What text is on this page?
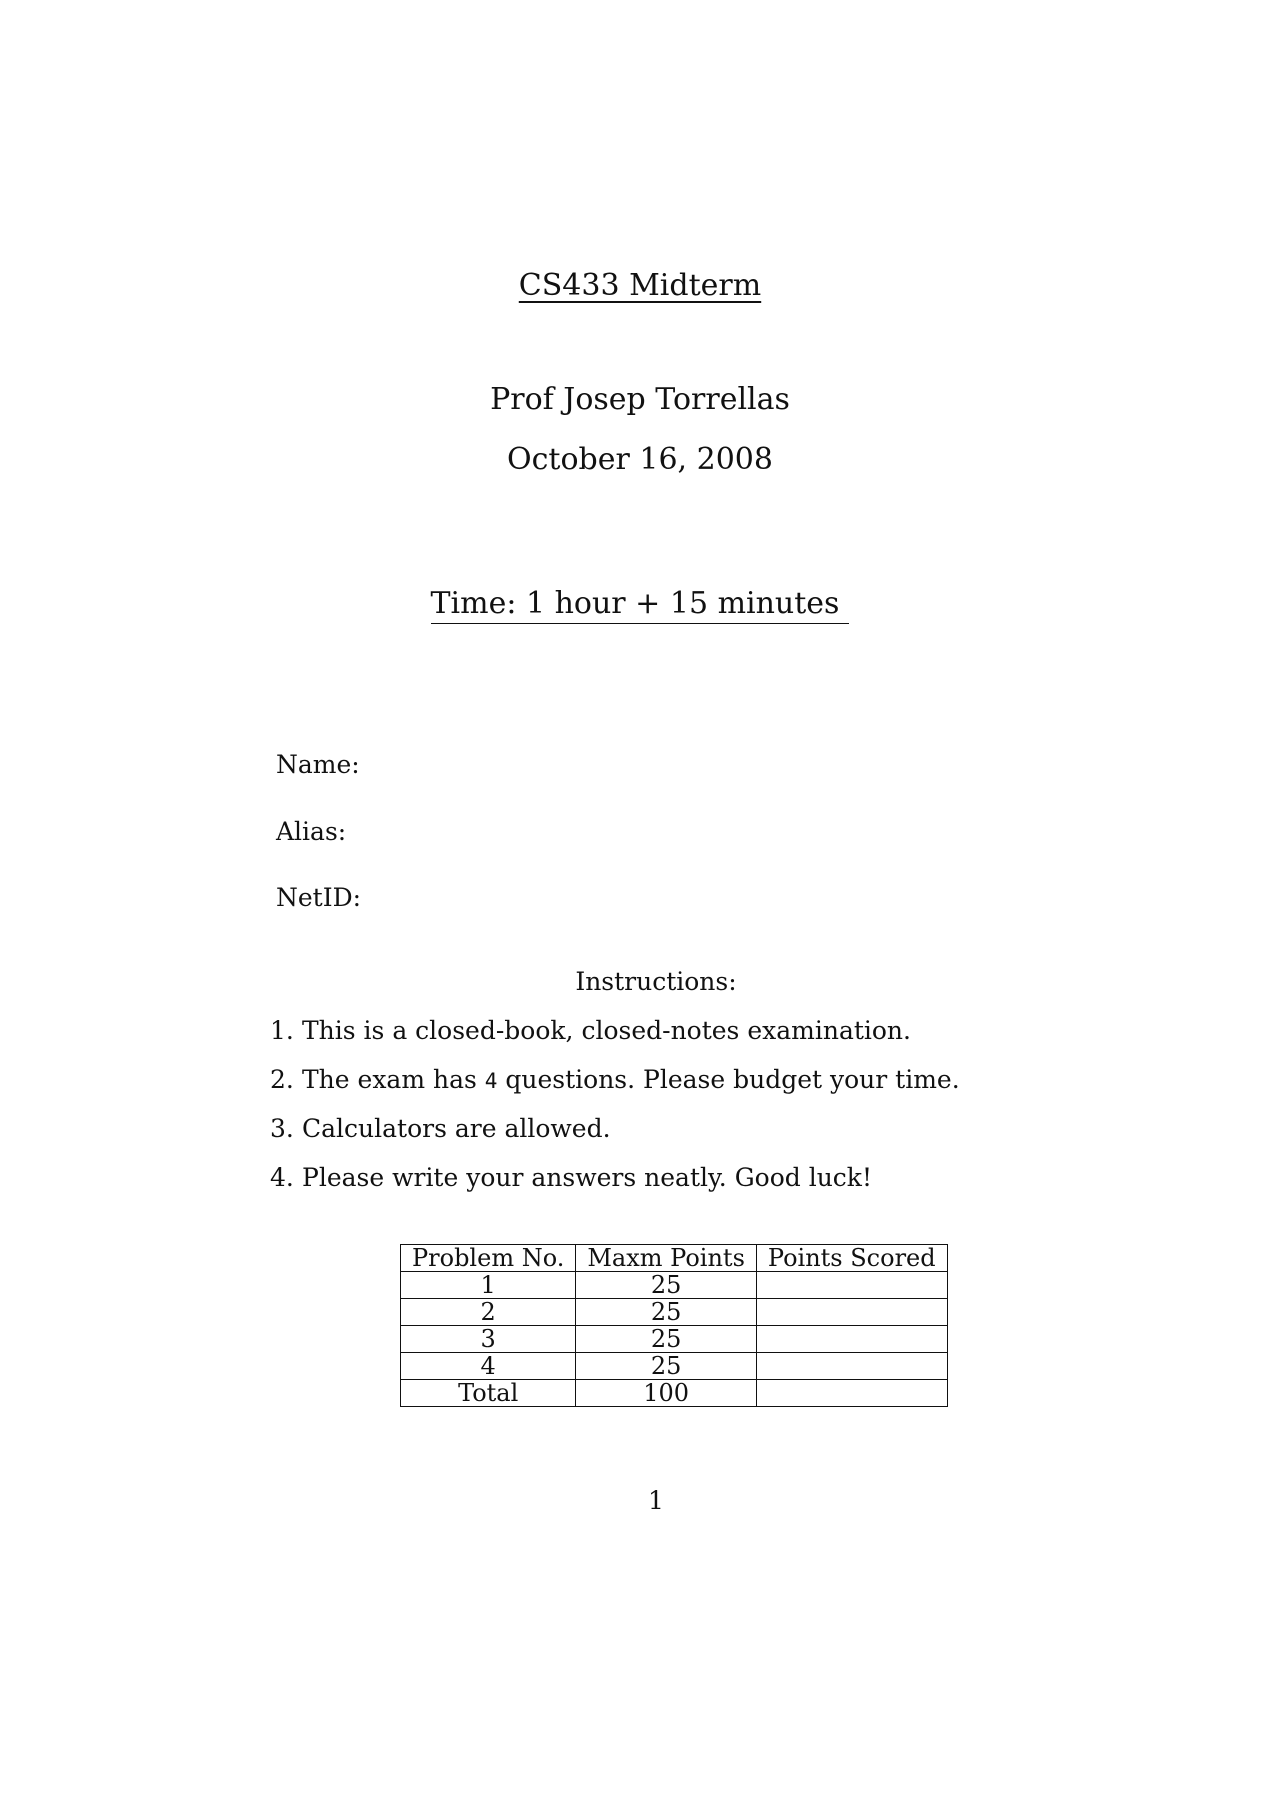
CS433 Midterm
Prof Josep Torrellas
October 16, 2008
Time: 1 hour + 15 minutes
Name:
Alias:
NetID:
Instructions:
1. This is a closed-book, closed-notes examination.
2. The exam has 4 questions. Please budget your time.
3. Calculators are allowed.
4. Please write your answers neatly. Good luck!
Problem No.	Maxm Points	Points Scored
1	25	
2	25	
3	25	
4	25	
Total	100	
1
